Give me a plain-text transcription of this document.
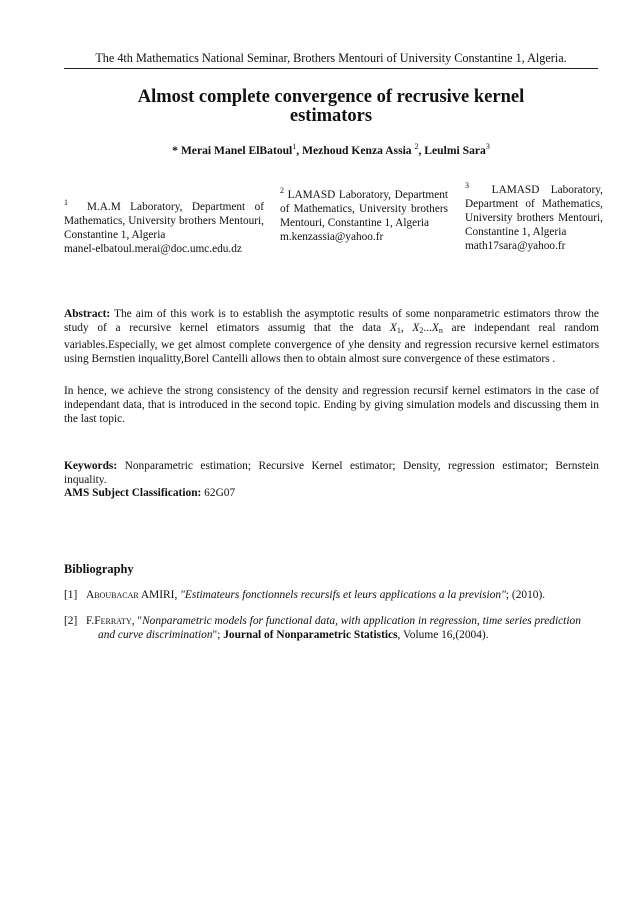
The 4th Mathematics National Seminar, Brothers Mentouri of University Constantine 1, Algeria.
Almost complete convergence of recrusive kernel
estimators
* Merai Manel ElBatoul$^1$, Mezhoud Kenza Assia $^2$, Leulmi Sara$^3$
$^1$ M.A.M Laboratory, Department of Mathematics, University brothers Mentouri, Constantine 1, Algeria
manel-elbatoul.merai@doc.umc.edu.dz
$^2$ LAMASD Laboratory, Department of Mathematics, University brothers Mentouri, Constantine 1, Algeria
m.kenzassia@yahoo.fr
$^3$ LAMASD Laboratory, Department of Mathematics, University brothers Mentouri, Constantine 1, Algeria
math17sara@yahoo.fr
Abstract: The aim of this work is to establish the asymptotic results of some nonparametric estimators throw the study of a recursive kernel etimators assumig that the data $X_1$, $X_2...X_n$ are independant real random variables.Especially, we get almost complete convergence of yhe density and regression recursive kernel estimators using Bernstien inqualitty,Borel Cantelli allows then to obtain almost sure convergence of these estimators .
In hence, we achieve the strong consistency of the density and regression recursif kernel estimators in the case of independant data, that is introduced in the second topic. Ending by giving simulation models and discussing them in the last topic.
Keywords: Nonparametric estimation; Recursive Kernel estimator; Density, regression estimator; Bernstein inquality.
AMS Subject Classification: 62G07
Bibliography
[1] Aboubacar AMIRI, "Estimateurs fonctionnels recursifs et leurs applications a la prevision"; (2010).
[2] F.Ferraty, "Nonparametric models for functional data, with application in regression, time series prediction and curve discrimination"; Journal of Nonparametric Statistics, Volume 16,(2004).
